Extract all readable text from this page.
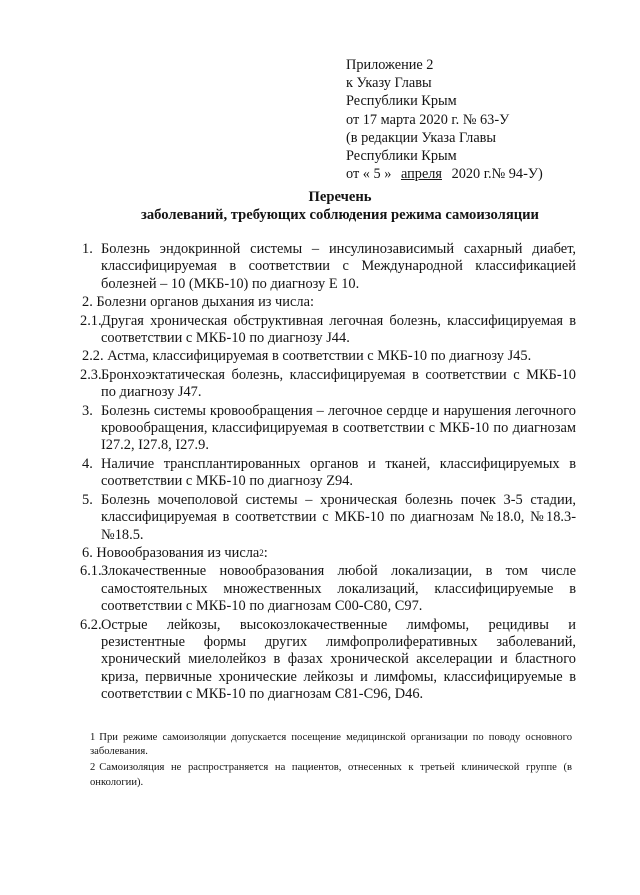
Приложение 2
к Указу Главы
Республики Крым
от 17 марта 2020 г. № 63-У
(в редакции Указа Главы
Республики Крым
от « 5 » апреля 2020 г.№ 94-У)
Перечень
заболеваний, требующих соблюдения режима самоизоляции
1. Болезнь эндокринной системы – инсулинозависимый сахарный диабет, классифицируемая в соответствии с Международной классификацией болезней – 10 (МКБ-10) по диагнозу Е 10.
2. Болезни органов дыхания из числа:
2.1. Другая хроническая обструктивная легочная болезнь, классифицируемая в соответствии с МКБ-10 по диагнозу J44.
2.2. Астма, классифицируемая в соответствии с МКБ-10 по диагнозу J45.
2.3. Бронхоэктатическая болезнь, классифицируемая в соответствии с МКБ-10 по диагнозу J47.
3. Болезнь системы кровообращения – легочное сердце и нарушения легочного кровообращения, классифицируемая в соответствии с МКБ-10 по диагнозам I27.2, I27.8, I27.9.
4. Наличие трансплантированных органов и тканей, классифицируемых в соответствии с МКБ-10 по диагнозу Z94.
5. Болезнь мочеполовой системы – хроническая болезнь почек 3-5 стадии, классифицируемая в соответствии с МКБ-10 по диагнозам №18.0, №18.3-№18.5.
6. Новообразования из числа$^2$:
6.1. Злокачественные новообразования любой локализации, в том числе самостоятельных множественных локализаций, классифицируемые в соответствии с МКБ-10 по диагнозам С00-С80, С97.
6.2. Острые лейкозы, высокозлокачественные лимфомы, рецидивы и резистентные формы других лимфопролиферативных заболеваний, хронический миелолейкоз в фазах хронической акселерации и бластного криза, первичные хронические лейкозы и лимфомы, классифицируемые в соответствии с МКБ-10 по диагнозам С81-С96, D46.
1 При режиме самоизоляции допускается посещение медицинской организации по поводу основного заболевания.
2 Самоизоляция не распространяется на пациентов, отнесенных к третьей клинической группе (в онкологии).
